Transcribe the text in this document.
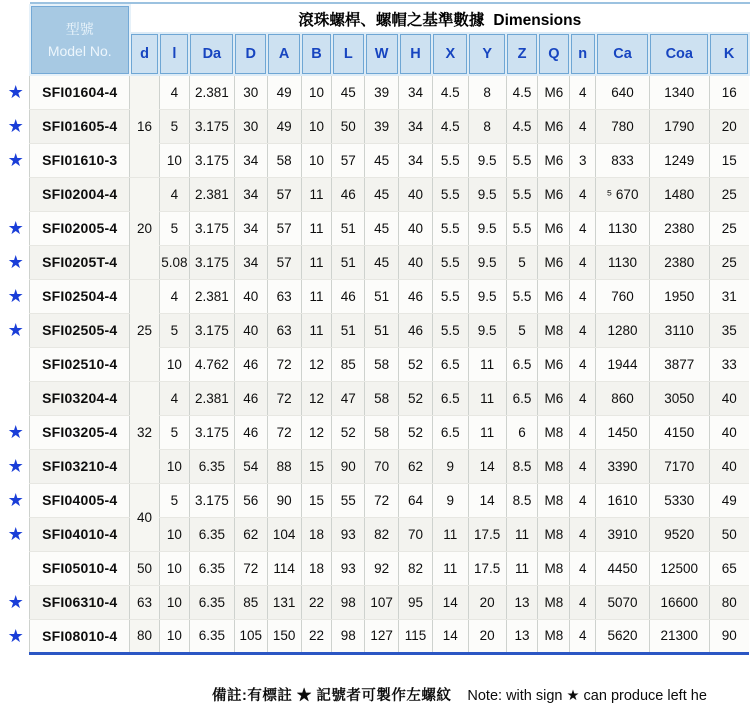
	型號
Model No.	滾珠螺桿、螺帽之基準數據 Dimensions																
		d	l	Da	D	A	B	L	W	H	X	Y	Z	Q	n	Ca	Coa	K
★	SFI01604-4	16	4	2.381	30	49	10	45	39	34	4.5	8	4.5	M6	4	640	1340	16
★	SFI01605-4		5	3.175	30	49	10	50	39	34	4.5	8	4.5	M6	4	780	1790	20
★	SFI01610-3		10	3.175	34	58	10	57	45	34	5.5	9.5	5.5	M6	3	833	1249	15
	SFI02004-4	20	4	2.381	34	57	11	46	45	40	5.5	9.5	5.5	M6	4	⁵ 670	1480	25
★	SFI02005-4		5	3.175	34	57	11	51	45	40	5.5	9.5	5.5	M6	4	1130	2380	25
★	SFI0205T-4		5.08	3.175	34	57	11	51	45	40	5.5	9.5	5	M6	4	1130	2380	25
★	SFI02504-4	25	4	2.381	40	63	11	46	51	46	5.5	9.5	5.5	M6	4	760	1950	31
★	SFI02505-4		5	3.175	40	63	11	51	51	46	5.5	9.5	5	M8	4	1280	3110	35
	SFI02510-4		10	4.762	46	72	12	85	58	52	6.5	11	6.5	M6	4	1944	3877	33
	SFI03204-4	32	4	2.381	46	72	12	47	58	52	6.5	11	6.5	M6	4	860	3050	40
★	SFI03205-4		5	3.175	46	72	12	52	58	52	6.5	11	6	M8	4	1450	4150	40
★	SFI03210-4		10	6.35	54	88	15	90	70	62	9	14	8.5	M8	4	3390	7170	40
★	SFI04005-4	40	5	3.175	56	90	15	55	72	64	9	14	8.5	M8	4	1610	5330	49
★	SFI04010-4		10	6.35	62	104	18	93	82	70	11	17.5	11	M8	4	3910	9520	50
	SFI05010-4	50	10	6.35	72	114	18	93	92	82	11	17.5	11	M8	4	4450	12500	65
★	SFI06310-4	63	10	6.35	85	131	22	98	107	95	14	20	13	M8	4	5070	16600	80
★	SFI08010-4	80	10	6.35	105	150	22	98	127	115	14	20	13	M8	4	5620	21300	90
備註:有標註 ★ 記號者可製作左螺紋 Note: with sign ★ can produce left he
